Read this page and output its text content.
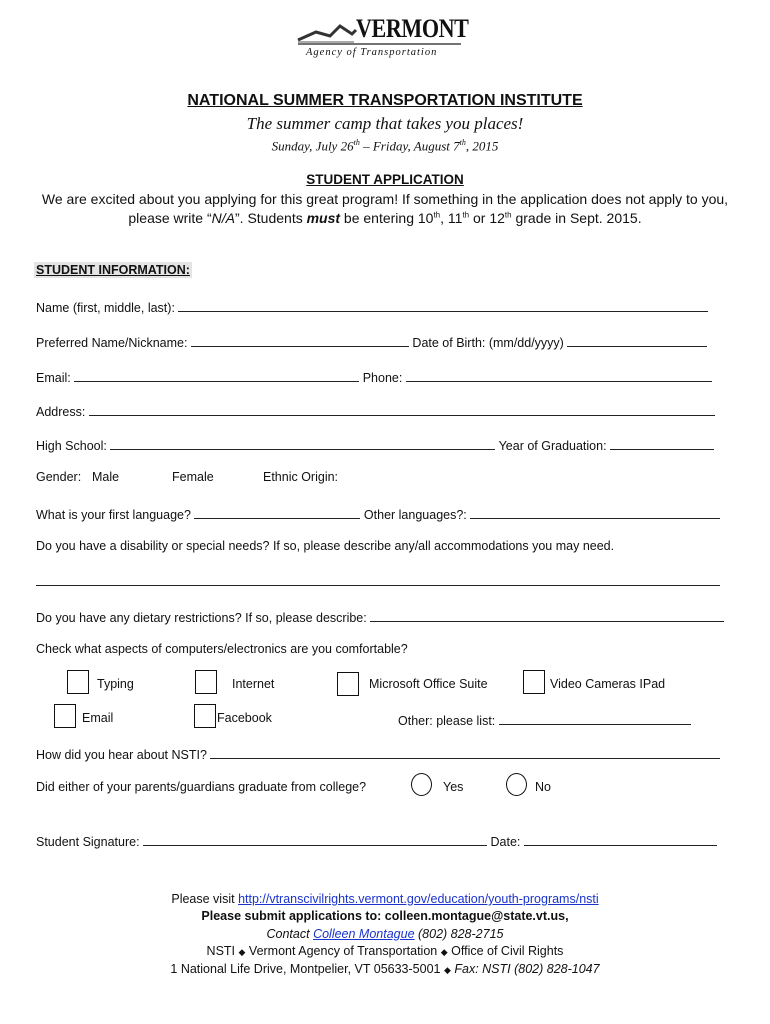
VERMONT
Agency of Transportation
NATIONAL SUMMER TRANSPORTATION INSTITUTE
The summer camp that takes you places!
Sunday, July 26th – Friday, August 7th, 2015
STUDENT APPLICATION
We are excited about you applying for this great program! If something in the application does not apply to you,
please write “N/A”. Students must be entering 10th, 11th or 12th grade in Sept. 2015.
STUDENT INFORMATION:
Name (first, middle, last):
Preferred Name/Nickname:	Date of Birth: (mm/dd/yyyy)
Email:	Phone:
Address:
High School:	Year of Graduation:
Gender: Male	Female	Ethnic Origin:
What is your first language?	Other languages?:
Do you have a disability or special needs? If so, please describe any/all accommodations you may need.
Do you have any dietary restrictions? If so, please describe:
Check what aspects of computers/electronics are you comfortable?
Typing	Internet	Microsoft Office Suite	Video Cameras IPad
Email	Facebook	Other: please list:
How did you hear about NSTI?
Did either of your parents/guardians graduate from college?	Yes	No
Student Signature:	Date:
Please visit http://vtranscivilrights.vermont.gov/education/youth-programs/nsti
Please submit applications to: colleen.montague@state.vt.us,
Contact Colleen Montague (802) 828-2715
NSTI ◆ Vermont Agency of Transportation ◆ Office of Civil Rights
1 National Life Drive, Montpelier, VT 05633-5001 ◆ Fax: NSTI (802) 828-1047
